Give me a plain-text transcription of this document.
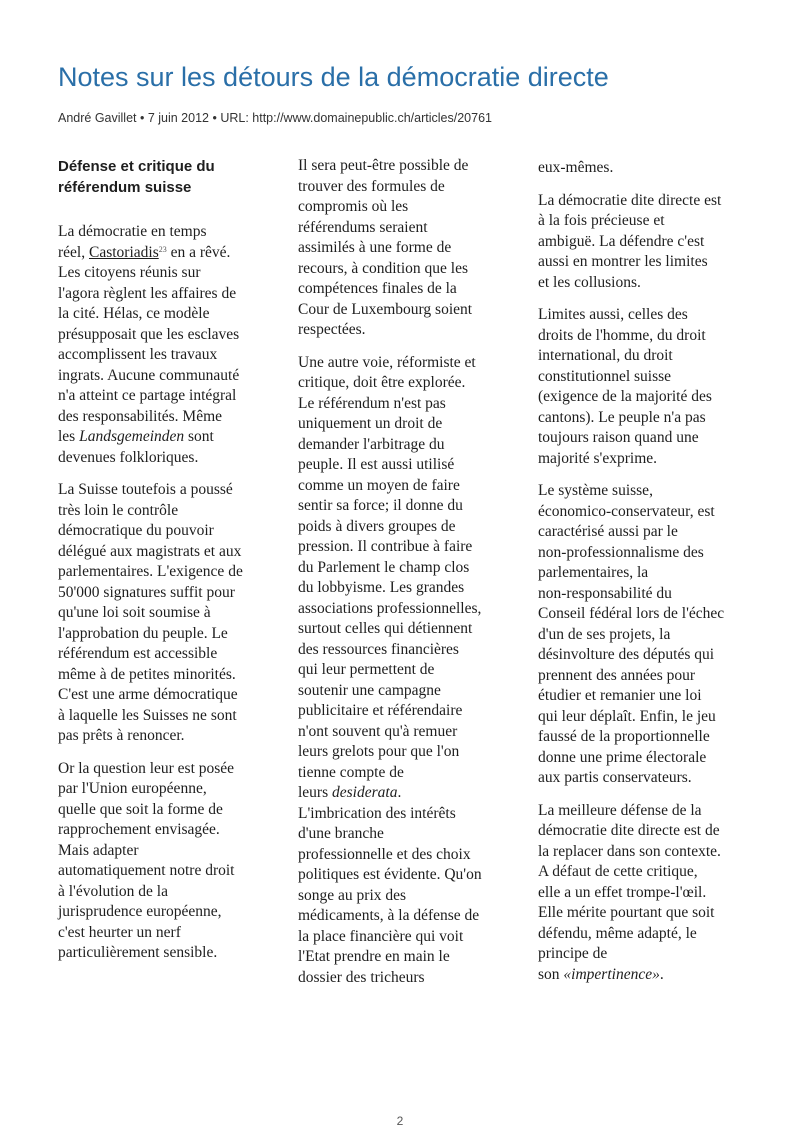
Notes sur les détours de la démocratie directe
André Gavillet • 7 juin 2012 • URL: http://www.domainepublic.ch/articles/20761
Défense et critique du
référendum suisse

La démocratie en temps
réel, Castoriadis$^{23}$ en a rêvé.
Les citoyens réunis sur
l'agora règlent les affaires de
la cité. Hélas, ce modèle
présupposait que les esclaves
accomplissent les travaux
ingrats. Aucune communauté
n'a atteint ce partage intégral
des responsabilités. Même
les Landsgemeinden sont
devenues folkloriques.

La Suisse toutefois a poussé
très loin le contrôle
démocratique du pouvoir
délégué aux magistrats et aux
parlementaires. L'exigence de
50'000 signatures suffit pour
qu'une loi soit soumise à
l'approbation du peuple. Le
référendum est accessible
même à de petites minorités.
C'est une arme démocratique
à laquelle les Suisses ne sont
pas prêts à renoncer.

Or la question leur est posée
par l'Union européenne,
quelle que soit la forme de
rapprochement envisagée.
Mais adapter
automatiquement notre droit
à l'évolution de la
jurisprudence européenne,
c'est heurter un nerf
particulièrement sensible.

Il sera peut-être possible de
trouver des formules de
compromis où les
référendums seraient
assimilés à une forme de
recours, à condition que les
compétences finales de la
Cour de Luxembourg soient
respectées.

Une autre voie, réformiste et
critique, doit être explorée.
Le référendum n'est pas
uniquement un droit de
demander l'arbitrage du
peuple. Il est aussi utilisé
comme un moyen de faire
sentir sa force; il donne du
poids à divers groupes de
pression. Il contribue à faire
du Parlement le champ clos
du lobbyisme. Les grandes
associations professionnelles,
surtout celles qui détiennent
des ressources financières
qui leur permettent de
soutenir une campagne
publicitaire et référendaire
n'ont souvent qu'à remuer
leurs grelots pour que l'on
tienne compte de
leurs desiderata.
L'imbrication des intérêts
d'une branche
professionnelle et des choix
politiques est évidente. Qu'on
songe au prix des
médicaments, à la défense de
la place financière qui voit
l'Etat prendre en main le
dossier des tricheurs

eux-mêmes.

La démocratie dite directe est
à la fois précieuse et
ambiguë. La défendre c'est
aussi en montrer les limites
et les collusions.

Limites aussi, celles des
droits de l'homme, du droit
international, du droit
constitutionnel suisse
(exigence de la majorité des
cantons). Le peuple n'a pas
toujours raison quand une
majorité s'exprime.

Le système suisse,
économico-conservateur, est
caractérisé aussi par le
non-professionnalisme des
parlementaires, la
non-responsabilité du
Conseil fédéral lors de l'échec
d'un de ses projets, la
désinvolture des députés qui
prennent des années pour
étudier et remanier une loi
qui leur déplaît. Enfin, le jeu
faussé de la proportionnelle
donne une prime électorale
aux partis conservateurs.

La meilleure défense de la
démocratie dite directe est de
la replacer dans son contexte.
A défaut de cette critique,
elle a un effet trompe-l'œil.
Elle mérite pourtant que soit
défendu, même adapté, le
principe de
son «impertinence».

2
